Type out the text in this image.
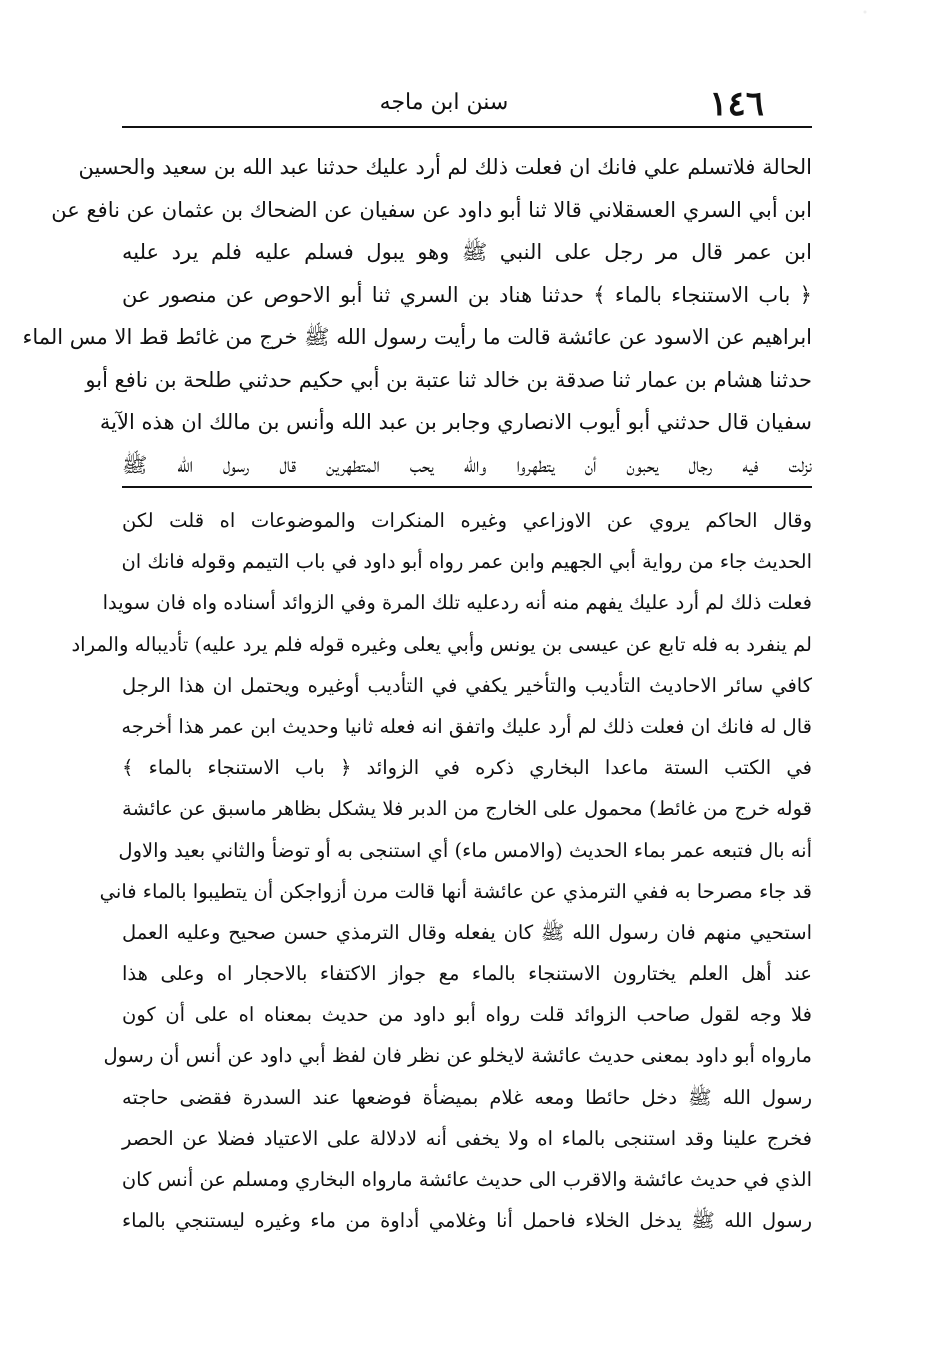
١٤٦
سنن ابن ماجه
الحالة فلاتسلم علي فانك ان فعلت ذلك لم أرد عليك حدثنا عبد الله بن سعيد والحسين
ابن أبي السري العسقلاني قالا ثنا أبو داود عن سفيان عن الضحاك بن عثمان عن نافع عن
ابن عمر قال مر رجل على النبي ﷺ وهو يبول فسلم عليه فلم يرد عليه
﴿ باب الاستنجاء بالماء ﴾ حدثنا هناد بن السري ثنا أبو الاحوص عن منصور عن
ابراهيم عن الاسود عن عائشة قالت ما رأيت رسول الله ﷺ خرج من غائط قط الا مس الماء
حدثنا هشام بن عمار ثنا صدقة بن خالد ثنا عتبة بن أبي حكيم حدثني طلحة بن نافع أبو
سفيان قال حدثني أبو أيوب الانصاري وجابر بن عبد الله وأنس بن مالك ان هذه الآية
نزلت فيه رجال يحبون أن يتطهروا والله يحب المتطهرين قال رسول الله ﷺ
وقال الحاكم يروي عن الاوزاعي وغيره المنكرات والموضوعات اه قلت لكن
الحديث جاء من رواية أبي الجهيم وابن عمر رواه أبو داود في باب التيمم وقوله فانك ان
فعلت ذلك لم أرد عليك يفهم منه أنه ردعليه تلك المرة وفي الزوائد أسناده واه فان سويدا
لم ينفرد به فله تابع عن عيسى بن يونس وأبي يعلى وغيره قوله فلم يرد عليه) تأديباله والمراد
كافي سائر الاحاديث التأديب والتأخير يكفي في التأديب أوغيره ويحتمل ان هذا الرجل
قال له فانك ان فعلت ذلك لم أرد عليك واتفق انه فعله ثانيا وحديث ابن عمر هذا أخرجه
في الكتب الستة ماعدا البخاري ذكره في الزوائد ﴿ باب الاستنجاء بالماء ﴾
قوله خرج من غائط) محمول على الخارج من الدبر فلا يشكل بظاهر ماسبق عن عائشة
أنه بال فتبعه عمر بماء الحديث (والامس ماء) أي استنجى به أو توضأ والثاني بعيد والاول
قد جاء مصرحا به ففي الترمذي عن عائشة أنها قالت مرن أزواجكن أن يتطيبوا بالماء فاني
استحيي منهم فان رسول الله ﷺ كان يفعله وقال الترمذي حسن صحيح وعليه العمل
عند أهل العلم يختارون الاستنجاء بالماء مع جواز الاكتفاء بالاحجار اه وعلى هذا
فلا وجه لقول صاحب الزوائد قلت رواه أبو داود من حديث بمعناه اه على أن كون
مارواه أبو داود بمعنى حديث عائشة لايخلو عن نظر فان لفظ أبي داود عن أنس أن رسول
رسول الله ﷺ دخل حائطا ومعه غلام بميضأة فوضعها عند السدرة فقضى حاجته
فخرج علينا وقد استنجى بالماء اه ولا يخفى أنه لادلالة على الاعتياد فضلا عن الحصر
الذي في حديث عائشة والاقرب الى حديث عائشة مارواه البخاري ومسلم عن أنس كان
رسول الله ﷺ يدخل الخلاء فاحمل أنا وغلامي أداوة من ماء وغيره ليستنجي بالماء
